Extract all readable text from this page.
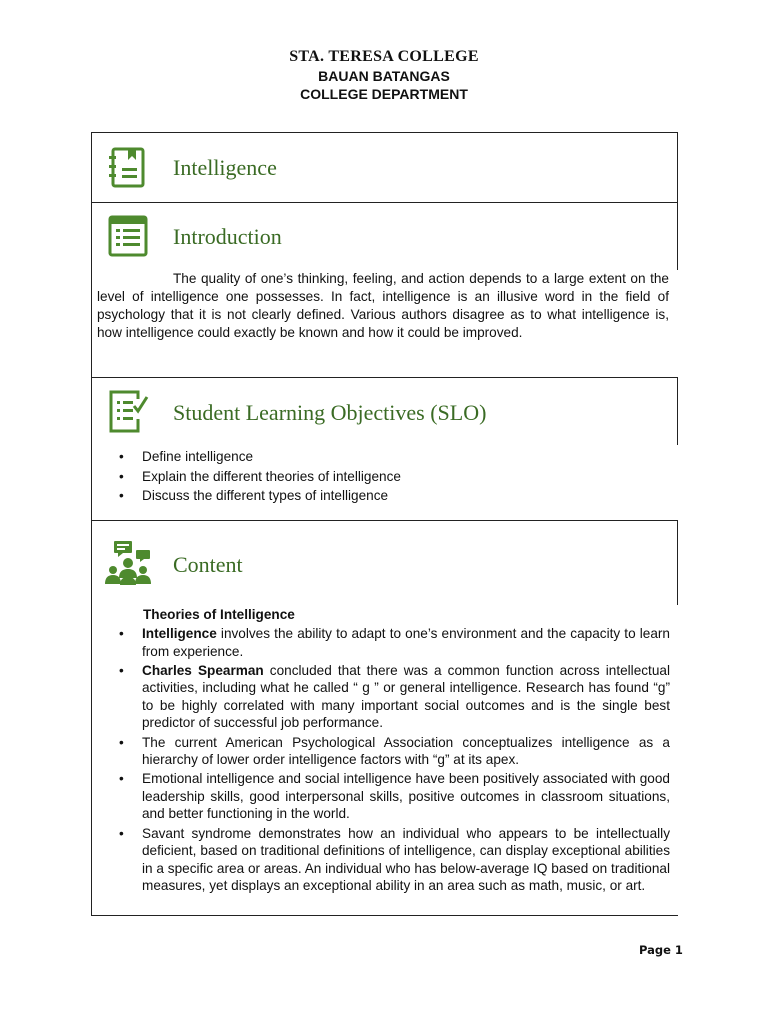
STA. TERESA COLLEGE
BAUAN BATANGAS
COLLEGE DEPARTMENT
Intelligence
Introduction

The quality of one’s thinking, feeling, and action depends to a large extent on the level of intelligence one possesses. In fact, intelligence is an illusive word in the field of psychology that it is not clearly defined. Various authors disagree as to what intelligence is, how intelligence could exactly be known and how it could be improved.

Student Learning Objectives (SLO)
• Define intelligence
• Explain the different theories of intelligence
• Discuss the different types of intelligence
Content
Theories of Intelligence
• Intelligence involves the ability to adapt to one’s environment and the capacity to learn from experience.
• Charles Spearman concluded that there was a common function across intellectual activities, including what he called “ g ” or general intelligence. Research has found “g” to be highly correlated with many important social outcomes and is the single best predictor of successful job performance.
• The current American Psychological Association conceptualizes intelligence as a hierarchy of lower order intelligence factors with “g” at its apex.
• Emotional intelligence and social intelligence have been positively associated with good leadership skills, good interpersonal skills, positive outcomes in classroom situations, and better functioning in the world.
• Savant syndrome demonstrates how an individual who appears to be intellectually deficient, based on traditional definitions of intelligence, can display exceptional abilities in a specific area or areas. An individual who has below-average IQ based on traditional measures, yet displays an exceptional ability in an area such as math, music, or art.
Page 1
